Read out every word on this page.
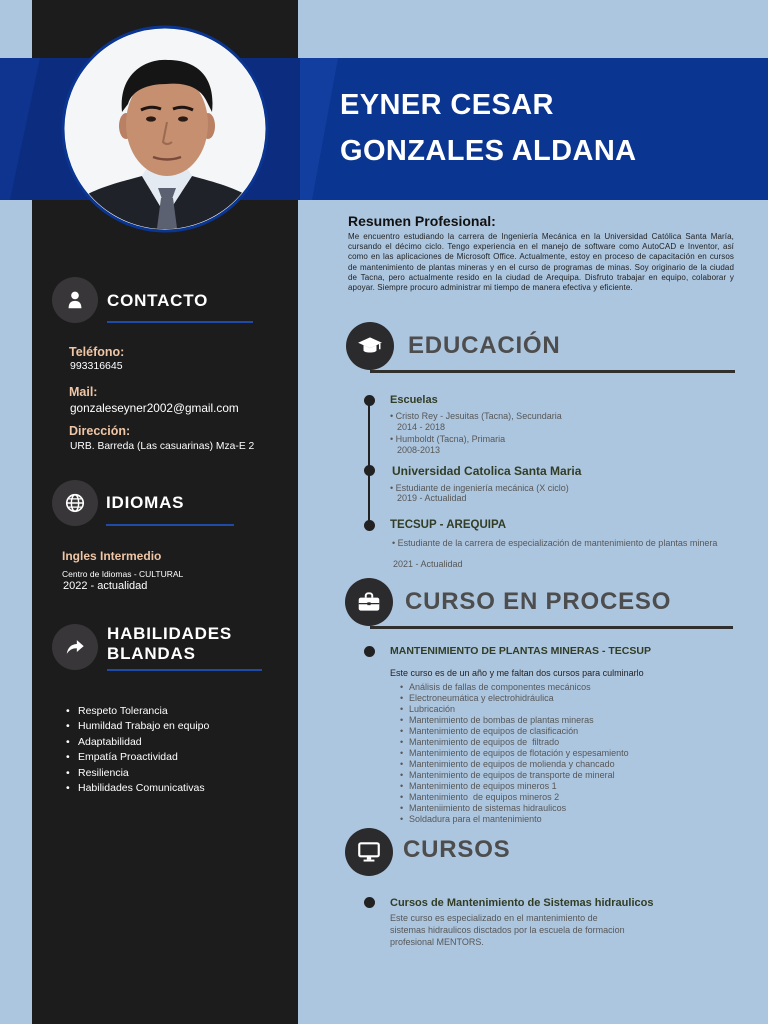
EYNER CESAR
GONZALES ALDANA
Resumen Profesional:
Me encuentro estudiando la carrera de Ingeniería Mecánica en la Universidad Católica Santa María, cursando el décimo ciclo. Tengo experiencia en el manejo de software como AutoCAD e Inventor, así como en las aplicaciones de Microsoft Office. Actualmente, estoy en proceso de capacitación en cursos de mantenimiento de plantas mineras y en el curso de programas de minas. Soy originario de la ciudad de Tacna, pero actualmente resido en la ciudad de Arequipa. Disfruto trabajar en equipo, colaborar y apoyar. Siempre procuro administrar mi tiempo de manera efectiva y eficiente.
CONTACTO
Teléfono:
993316645
Mail:
gonzaleseyner2002@gmail.com
Dirección:
URB. Barreda (Las casuarinas) Mza-E 2
IDIOMAS
Ingles Intermedio
Centro de Idiomas - CULTURAL
2022 - actualidad
HABILIDADES
BLANDAS
• Respeto Tolerancia
• Humildad Trabajo en equipo
• Adaptabilidad
• Empatía Proactividad
• Resiliencia
• Habilidades Comunicativas
EDUCACIÓN
Escuelas
• Cristo Rey - Jesuitas (Tacna), Secundaria
2014 - 2018
• Humboldt (Tacna), Primaria
2008-2013
Universidad Catolica Santa Maria
• Estudiante de ingeniería mecánica (X ciclo)
2019 - Actualidad
TECSUP - AREQUIPA
• Estudiante de la carrera de especialización de mantenimiento de plantas minera
2021 - Actualidad
CURSO EN PROCESO
MANTENIMIENTO DE PLANTAS MINERAS - TECSUP
Este curso es de un año y me faltan dos cursos para culminarlo
• Análisis de fallas de componentes mecánicos
• Electroneumática y electrohidráulica
• Lubricación
• Mantenimiento de bombas de plantas mineras
• Mantenimiento de equipos de clasificación
• Mantenimiento de equipos de  filtrado
• Mantenimiento de equipos de flotación y espesamiento
• Mantenimiento de equipos de molienda y chancado
• Mantenimiento de equipos de transporte de mineral
• Mantenimiento de equipos mineros 1
• Mantenimiento  de equipos mineros 2
• Manteniimiento de sistemas hidraulicos
• Soldadura para el mantenimiento
CURSOS
Cursos de Mantenimiento de Sistemas hidraulicos
Este curso es especializado en el mantenimiento de
sistemas hidraulicos disctados por la escuela de formacion
profesional MENTORS.
